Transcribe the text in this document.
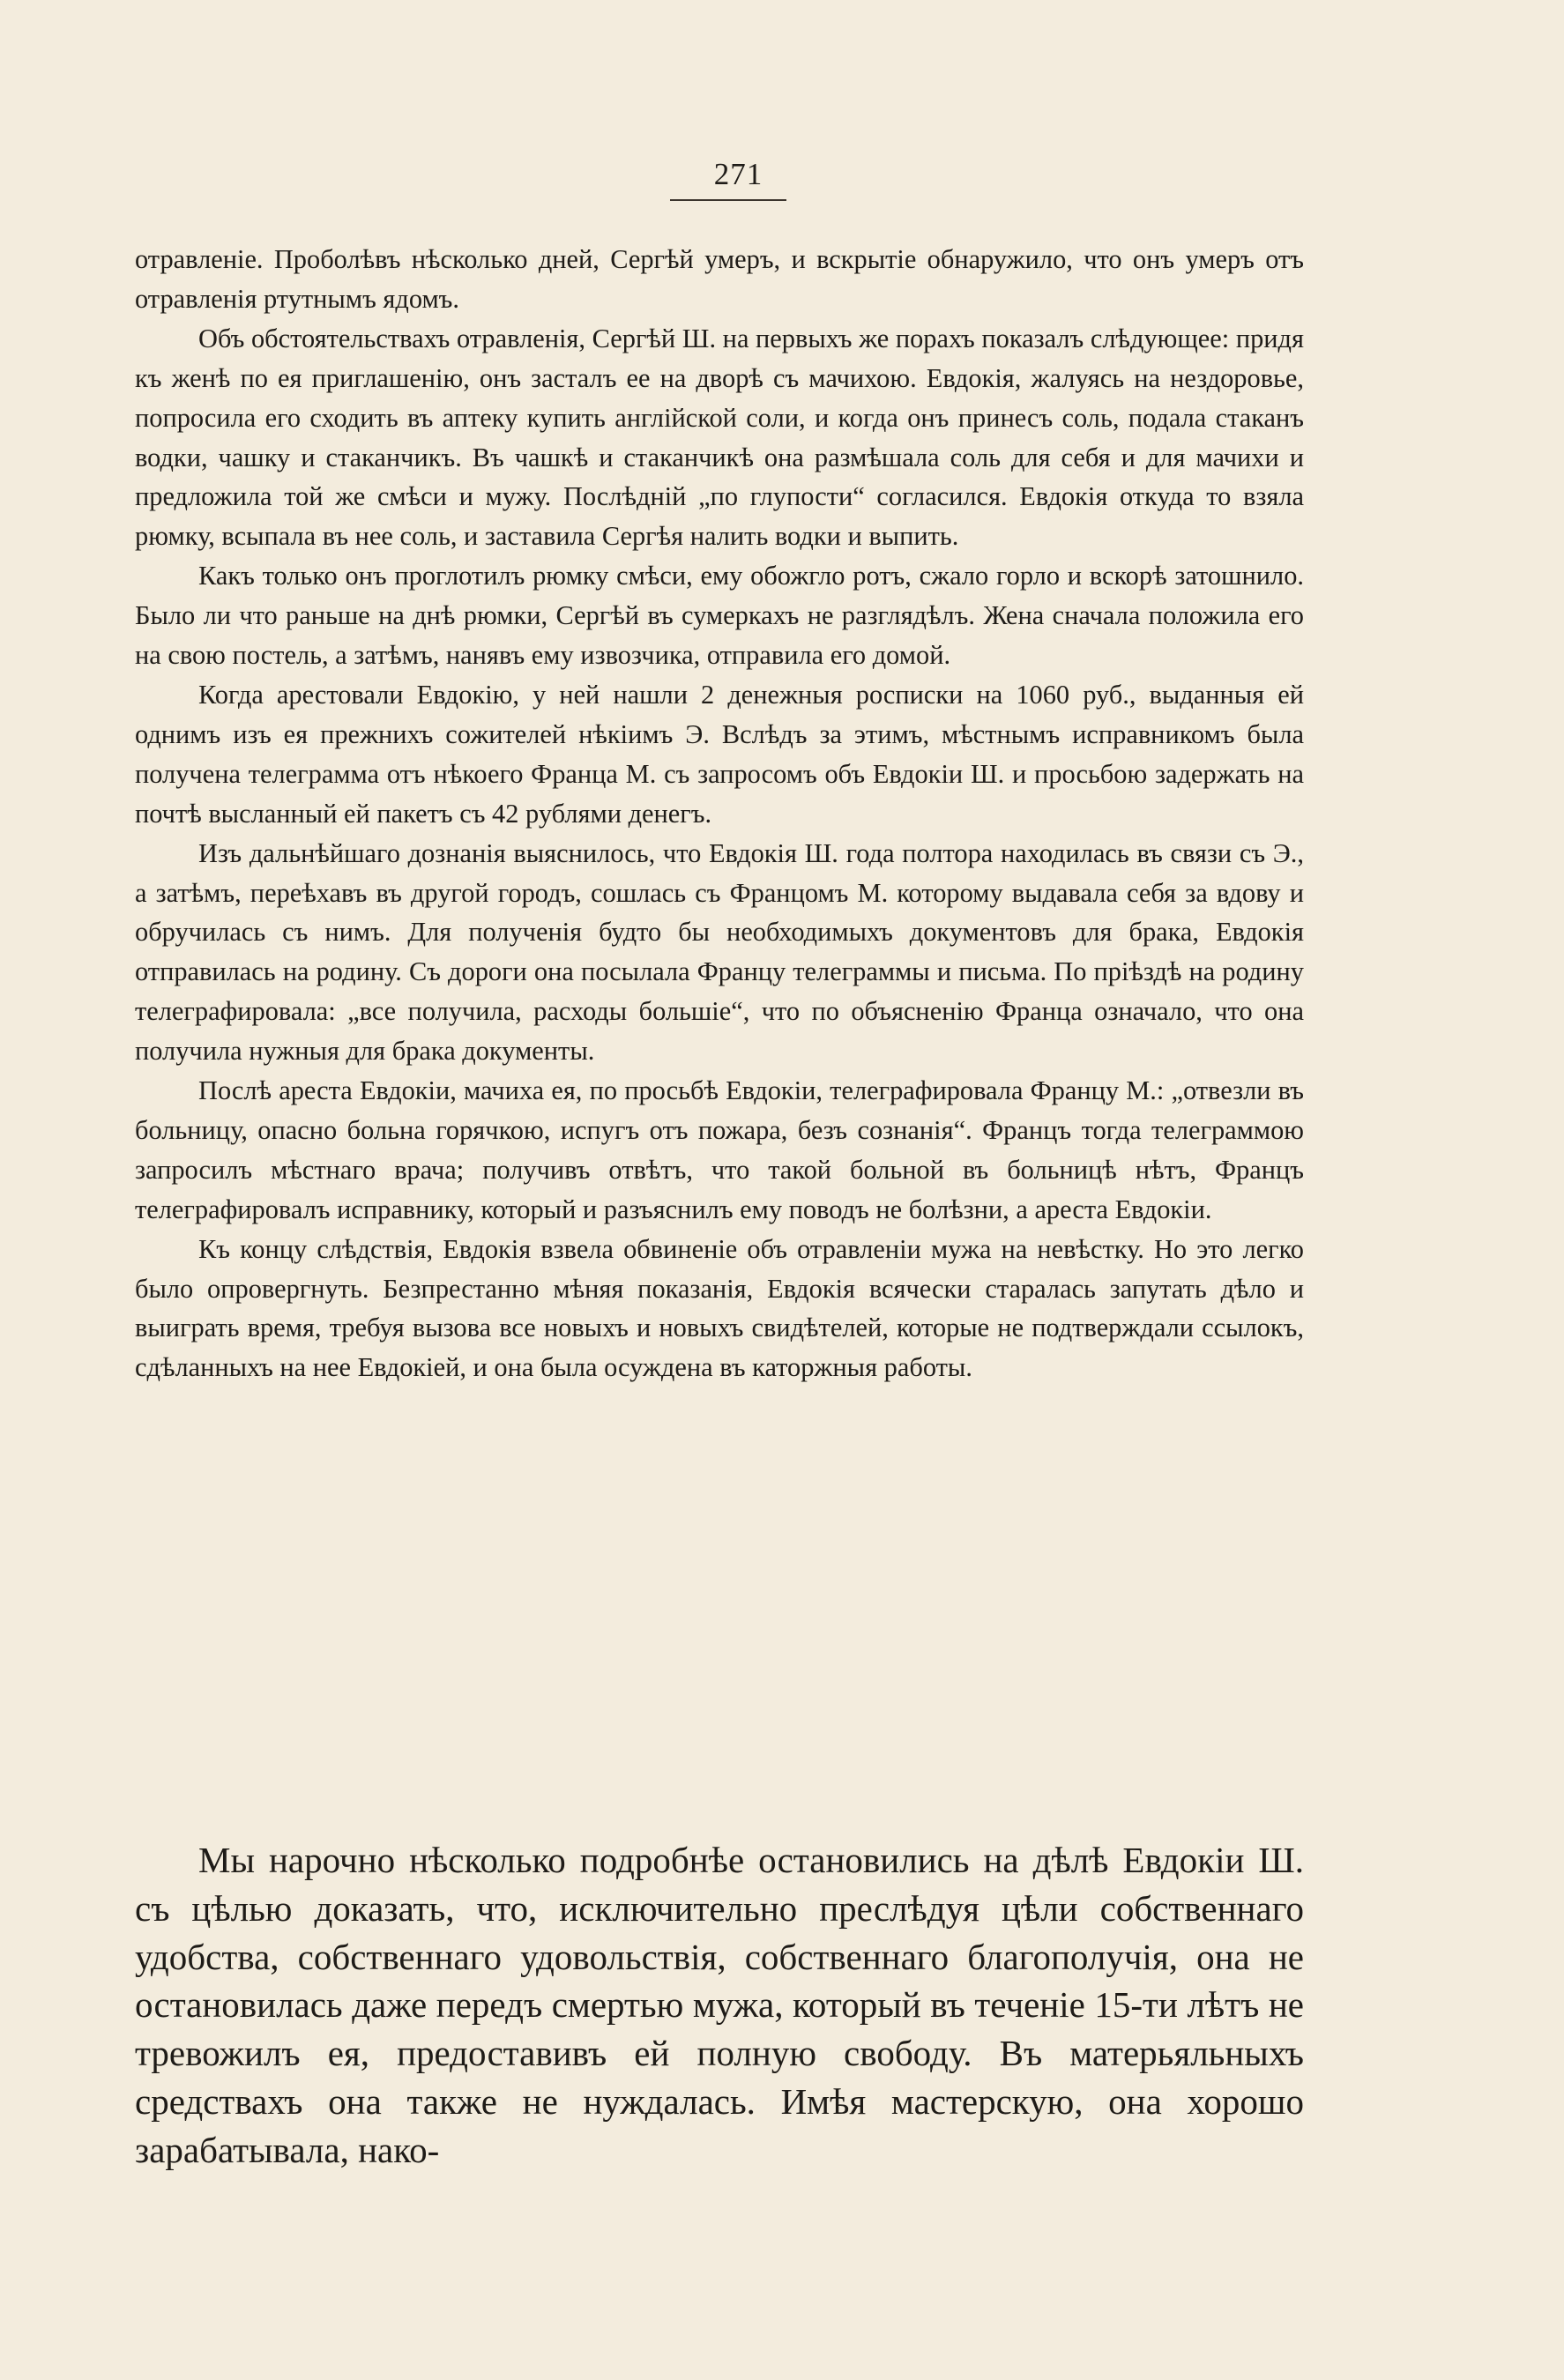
271

отравленіе. Проболѣвъ нѣсколько дней, Сергѣй умеръ, и вскрытіе обнаружило, что онъ умеръ отъ отравленія ртутнымъ ядомъ.

Объ обстоятельствахъ отравленія, Сергѣй Ш. на первыхъ же порахъ показалъ слѣдующее: придя къ женѣ по ея приглашенію, онъ засталъ ее на дворѣ съ мачихою. Евдокія, жалуясь на нездоровье, попросила его сходить въ аптеку купить англійской соли, и когда онъ принесъ соль, подала стаканъ водки, чашку и стаканчикъ. Въ чашкѣ и стаканчикѣ она размѣшала соль для себя и для мачихи и предложила той же смѣси и мужу. Послѣдній „по глупости“ согласился. Евдокія откуда то взяла рюмку, всыпала въ нее соль, и заставила Сергѣя налить водки и выпить.

Какъ только онъ проглотилъ рюмку смѣси, ему обожгло ротъ, сжало горло и вскорѣ затошнило. Было ли что раньше на днѣ рюмки, Сергѣй въ сумеркахъ не разглядѣлъ. Жена сначала положила его на свою постель, а затѣмъ, нанявъ ему извозчика, отправила его домой.

Когда арестовали Евдокію, у ней нашли 2 денежныя росписки на 1060 руб., выданныя ей однимъ изъ ея прежнихъ сожителей нѣкіимъ Э. Вслѣдъ за этимъ, мѣстнымъ исправникомъ была получена телеграмма отъ нѣкоего Франца М. съ запросомъ объ Евдокіи Ш. и просьбою задержать на почтѣ высланный ей пакетъ съ 42 рублями денегъ.

Изъ дальнѣйшаго дознанія выяснилось, что Евдокія Ш. года полтора находилась въ связи съ Э., а затѣмъ, переѣхавъ въ другой городъ, сошлась съ Францомъ М. которому выдавала себя за вдову и обручилась съ нимъ. Для полученія будто бы необходимыхъ документовъ для брака, Евдокія отправилась на родину. Съ дороги она посылала Францу телеграммы и письма. По пріѣздѣ на родину телеграфировала: „все получила, расходы большіе“, что по объясненію Франца означало, что она получила нужныя для брака документы.

Послѣ ареста Евдокіи, мачиха ея, по просьбѣ Евдокіи, телеграфировала Францу М.: „отвезли въ больницу, опасно больна горячкою, испугъ отъ пожара, безъ сознанія“. Францъ тогда телеграммою запросилъ мѣстнаго врача; получивъ отвѣтъ, что такой больной въ больницѣ нѣтъ, Францъ телеграфировалъ исправнику, который и разъяснилъ ему поводъ не болѣзни, а ареста Евдокіи.

Къ концу слѣдствія, Евдокія взвела обвиненіе объ отравленіи мужа на невѣстку. Но это легко было опровергнуть. Безпрестанно мѣняя показанія, Евдокія всячески старалась запутать дѣло и выиграть время, требуя вызова все новыхъ и новыхъ свидѣтелей, которые не подтверждали ссылокъ, сдѣланныхъ на нее Евдокіей, и она была осуждена въ каторжныя работы.

Мы нарочно нѣсколько подробнѣе остановились на дѣлѣ Евдокіи Ш. съ цѣлью доказать, что, исключительно преслѣдуя цѣли собственнаго удобства, собственнаго удовольствія, собственнаго благополучія, она не остановилась даже передъ смертью мужа, который въ теченіе 15-ти лѣтъ не тревожилъ ея, предоставивъ ей полную свободу. Въ матерьяльныхъ средствахъ она также не нуждалась. Имѣя мастерскую, она хорошо зарабатывала, нако-
